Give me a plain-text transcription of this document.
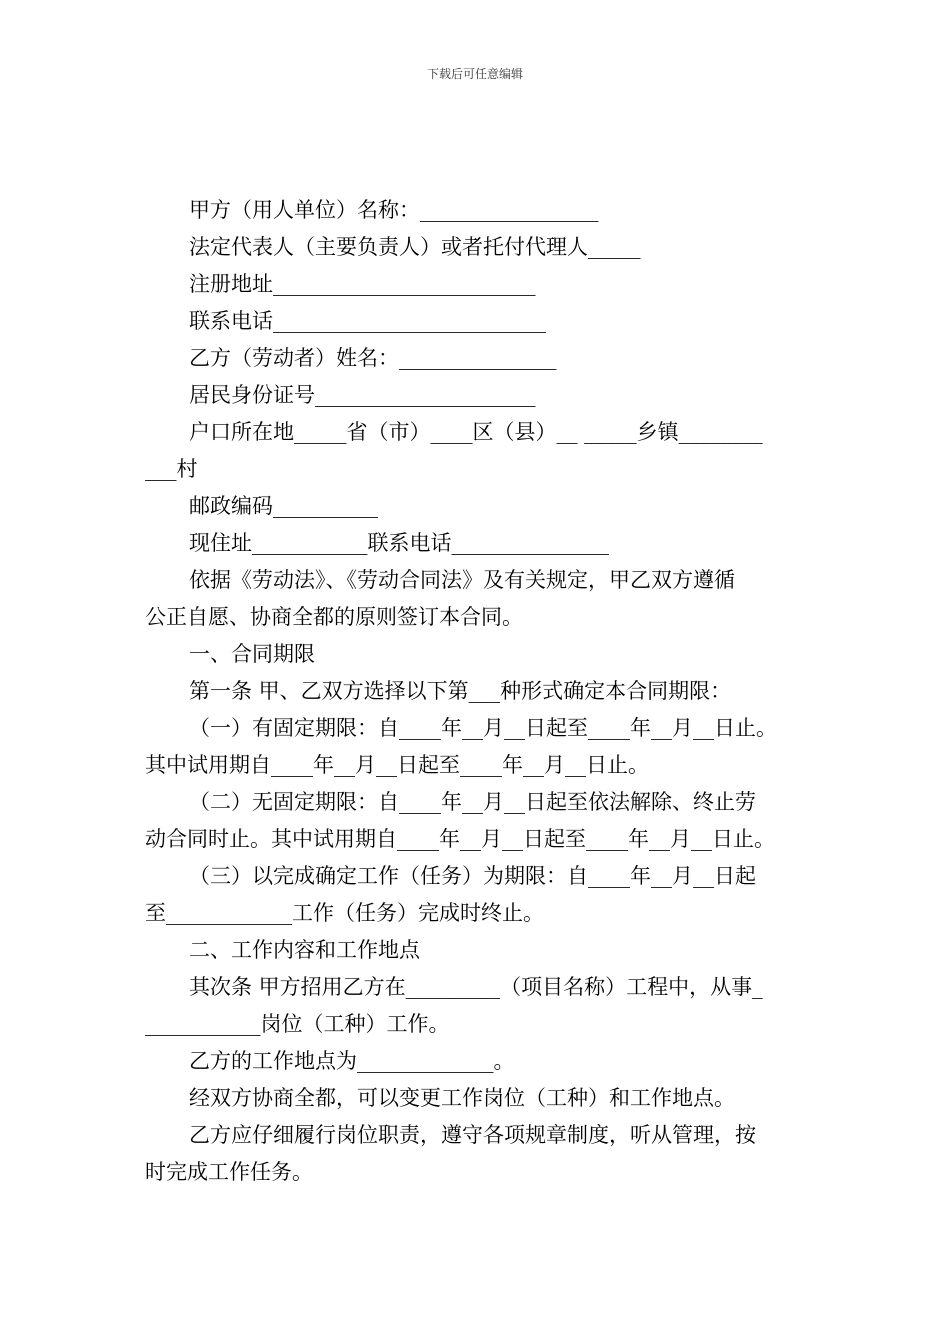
下载后可任意编辑
甲方（用人单位）名称：_________________
法定代表人（主要负责人）或者托付代理人_____
注册地址_________________________
联系电话__________________________
乙方（劳动者）姓名：_______________
居民身份证号_____________________
户口所在地_____省（市）____区（县）__ _____乡镇________
___村
邮政编码__________
现住址___________联系电话_______________
依据《劳动法》、《劳动合同法》及有关规定，甲乙双方遵循
公正自愿、协商全都的原则签订本合同。
一、合同期限
第一条 甲、乙双方选择以下第___种形式确定本合同期限：
（一）有固定期限：自____年__月__日起至____年__月__日止。
其中试用期自____年__月__日起至____年__月__日止。
（二）无固定期限：自____年__月__日起至依法解除、终止劳
动合同时止。其中试用期自____年__月__日起至____年__月__日止。
（三）以完成确定工作（任务）为期限：自____年__月__日起
至____________工作（任务）完成时终止。
二、工作内容和工作地点
其次条 甲方招用乙方在_________（项目名称）工程中，从事_
___________岗位（工种）工作。
乙方的工作地点为_____________。
经双方协商全都，可以变更工作岗位（工种）和工作地点。
乙方应仔细履行岗位职责，遵守各项规章制度，听从管理，按
时完成工作任务。
